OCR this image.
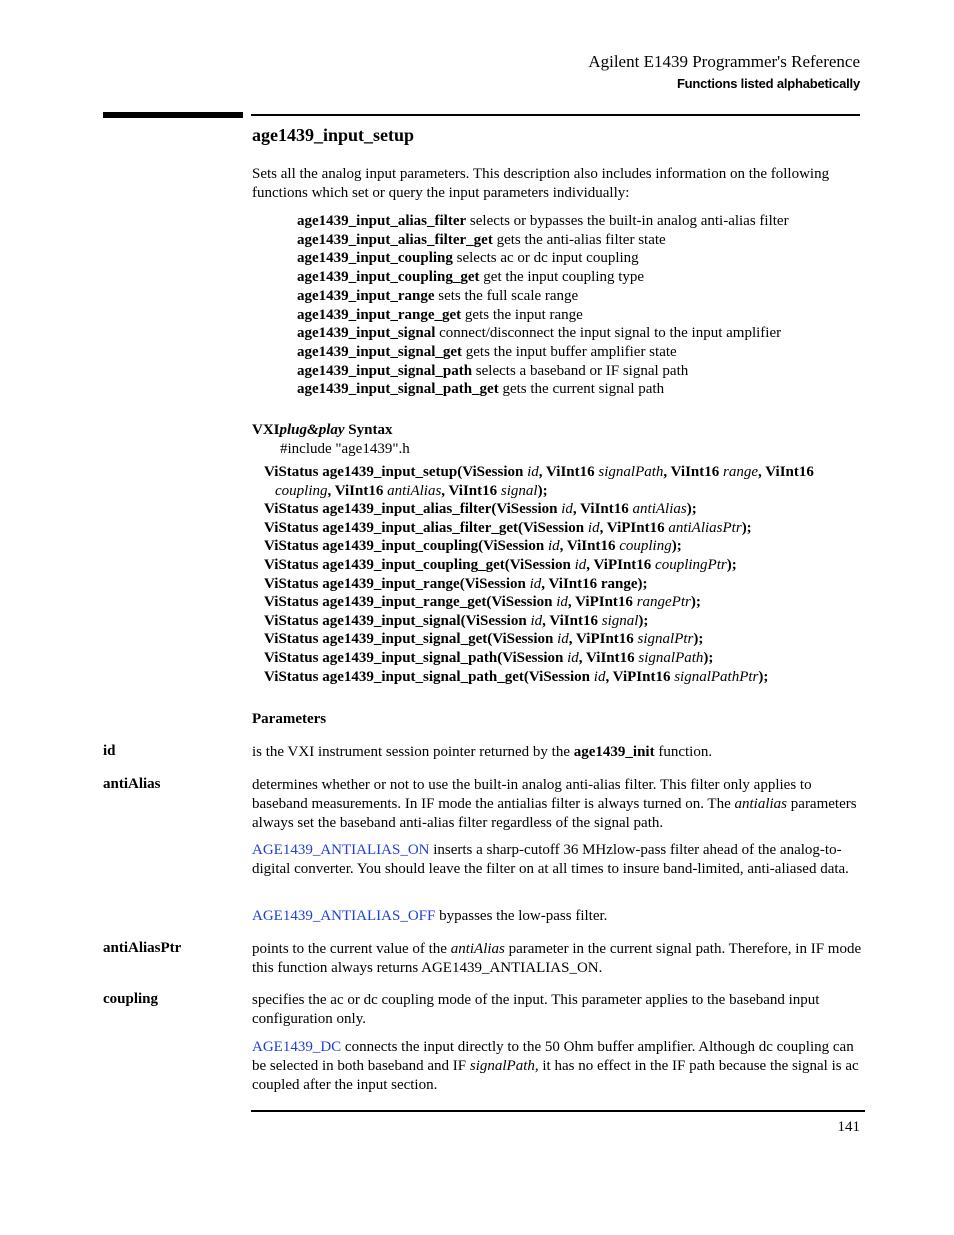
Agilent E1439 Programmer's Reference
Functions listed alphabetically
age1439_input_setup
Sets all the analog input parameters. This description also includes information on the following functions which set or query the input parameters individually:
age1439_input_alias_filter selects or bypasses the built-in analog anti-alias filter
age1439_input_alias_filter_get gets the anti-alias filter state
age1439_input_coupling selects ac or dc input coupling
age1439_input_coupling_get get the input coupling type
age1439_input_range sets the full scale range
age1439_input_range_get gets the input range
age1439_input_signal connect/disconnect the input signal to the input amplifier
age1439_input_signal_get gets the input buffer amplifier state
age1439_input_signal_path selects a baseband or IF signal path
age1439_input_signal_path_get gets the current signal path
VXIplug&play Syntax
#include "age1439".h
ViStatus age1439_input_setup(ViSession id, ViInt16 signalPath, ViInt16 range, ViInt16
coupling, ViInt16 antiAlias, ViInt16 signal);
ViStatus age1439_input_alias_filter(ViSession id, ViInt16 antiAlias);
ViStatus age1439_input_alias_filter_get(ViSession id, ViPInt16 antiAliasPtr);
ViStatus age1439_input_coupling(ViSession id, ViInt16 coupling);
ViStatus age1439_input_coupling_get(ViSession id, ViPInt16 couplingPtr);
ViStatus age1439_input_range(ViSession id, ViInt16 range);
ViStatus age1439_input_range_get(ViSession id, ViPInt16 rangePtr);
ViStatus age1439_input_signal(ViSession id, ViInt16 signal);
ViStatus age1439_input_signal_get(ViSession id, ViPInt16 signalPtr);
ViStatus age1439_input_signal_path(ViSession id, ViInt16 signalPath);
ViStatus age1439_input_signal_path_get(ViSession id, ViPInt16 signalPathPtr);
Parameters
id	is the VXI instrument session pointer returned by the age1439_init function.
antiAlias	determines whether or not to use the built-in analog anti-alias filter. This filter only applies to baseband measurements. In IF mode the antialias filter is always turned on. The antialias parameters always set the baseband anti-alias filter regardless of the signal path.
AGE1439_ANTIALIAS_ON inserts a sharp-cutoff 36 MHzlow-pass filter ahead of the analog-to-digital converter. You should leave the filter on at all times to insure band-limited, anti-aliased data.
AGE1439_ANTIALIAS_OFF bypasses the low-pass filter.
antiAliasPtr	points to the current value of the antiAlias parameter in the current signal path. Therefore, in IF mode this function always returns AGE1439_ANTIALIAS_ON.
coupling	specifies the ac or dc coupling mode of the input. This parameter applies to the baseband input configuration only.
AGE1439_DC connects the input directly to the 50 Ohm buffer amplifier. Although dc coupling can be selected in both baseband and IF signalPath, it has no effect in the IF path because the signal is ac coupled after the input section.
141
